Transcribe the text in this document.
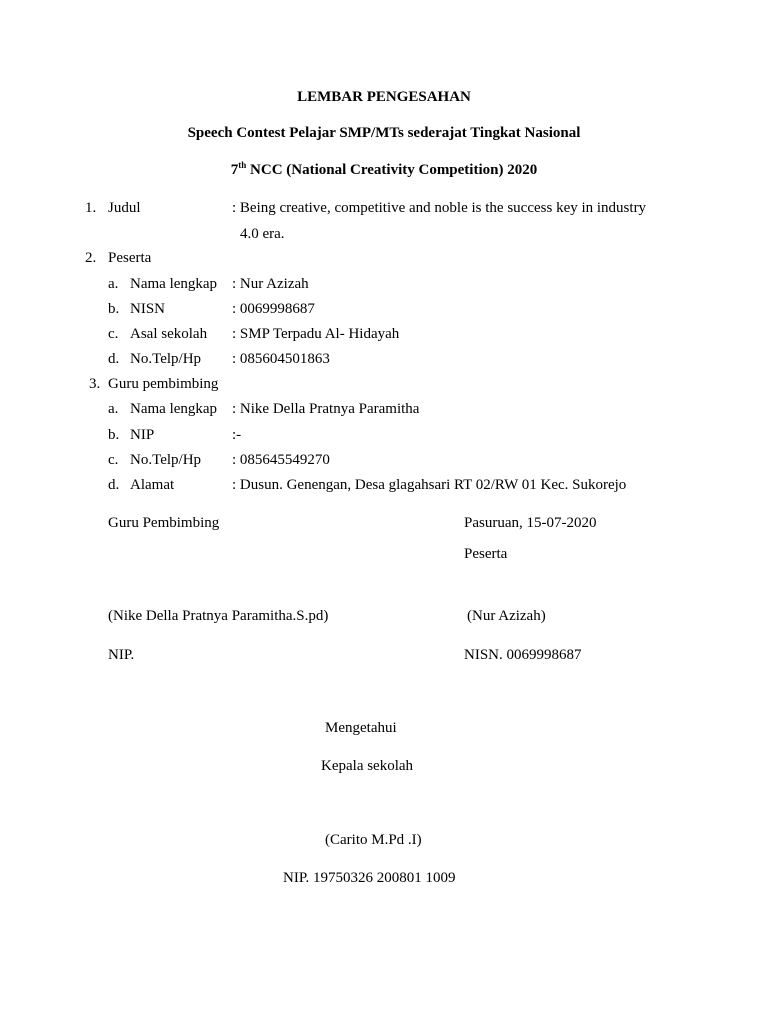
LEMBAR PENGESAHAN
Speech Contest Pelajar SMP/MTs sederajat Tingkat Nasional
7th NCC (National Creativity Competition) 2020
1. Judul	: Being creative, competitive and noble is the success key in industry
4.0 era.
2. Peserta
a. Nama lengkap : Nur Azizah
b. NISN	: 0069998687
c. Asal sekolah : SMP Terpadu Al- Hidayah
d. No.Telp/Hp : 085604501863
3. Guru pembimbing
a. Nama lengkap : Nike Della Pratnya Paramitha
b. NIP	:-
c. No.Telp/Hp : 085645549270
d. Alamat	: Dusun. Genengan, Desa glagahsari RT 02/RW 01 Kec. Sukorejo
Guru Pembimbing	Pasuruan, 15-07-2020
Peserta
(Nike Della Pratnya Paramitha.S.pd)	(Nur Azizah)
NIP.	NISN. 0069998687
Mengetahui
Kepala sekolah
(Carito M.Pd .I)
NIP. 19750326 200801 1009
